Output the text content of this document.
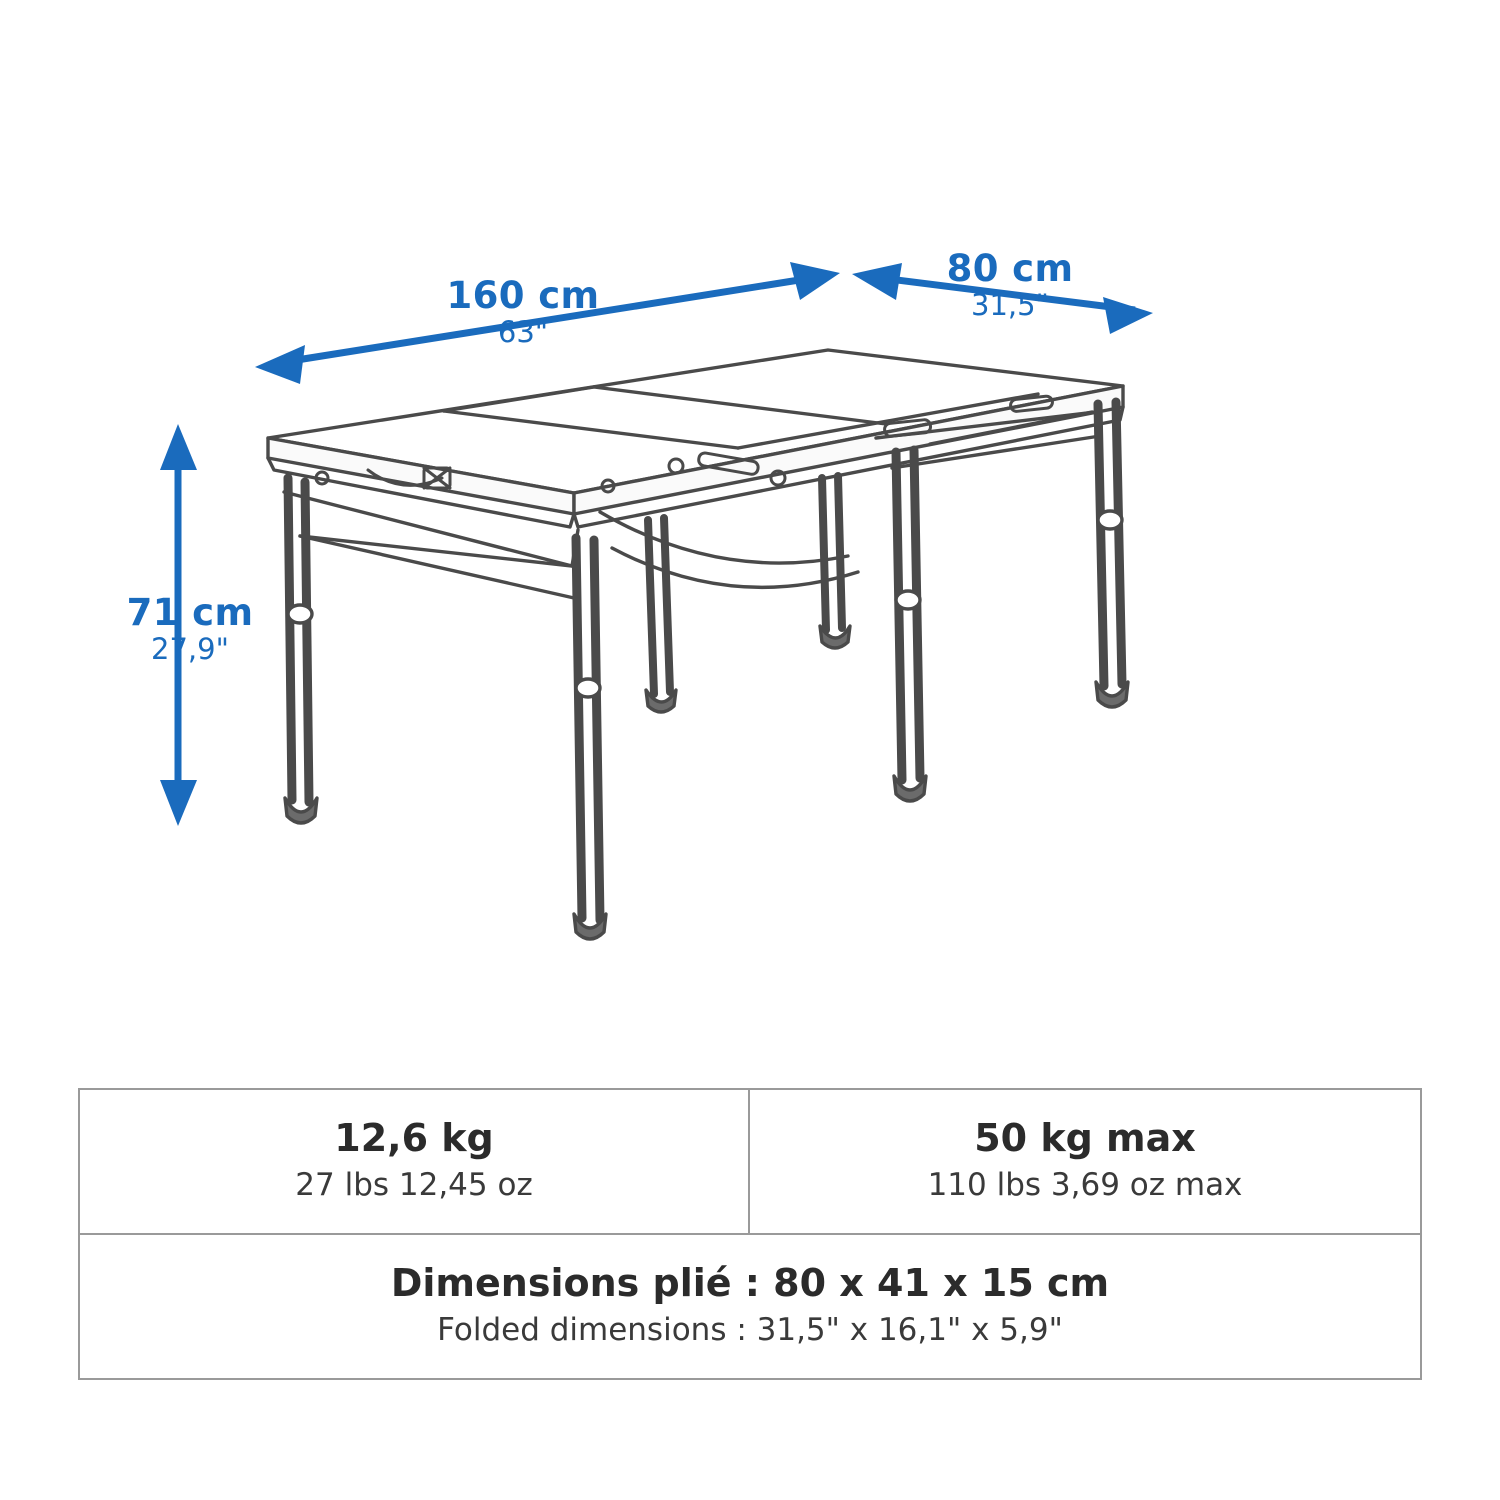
160 cm
63"
80 cm
31,5"
71 cm
27,9"
12,6 kg
27 lbs 12,45 oz
50 kg max
110 lbs 3,69 oz max
Dimensions plié : 80 x 41 x 15 cm
Folded dimensions : 31,5" x 16,1" x 5,9"
